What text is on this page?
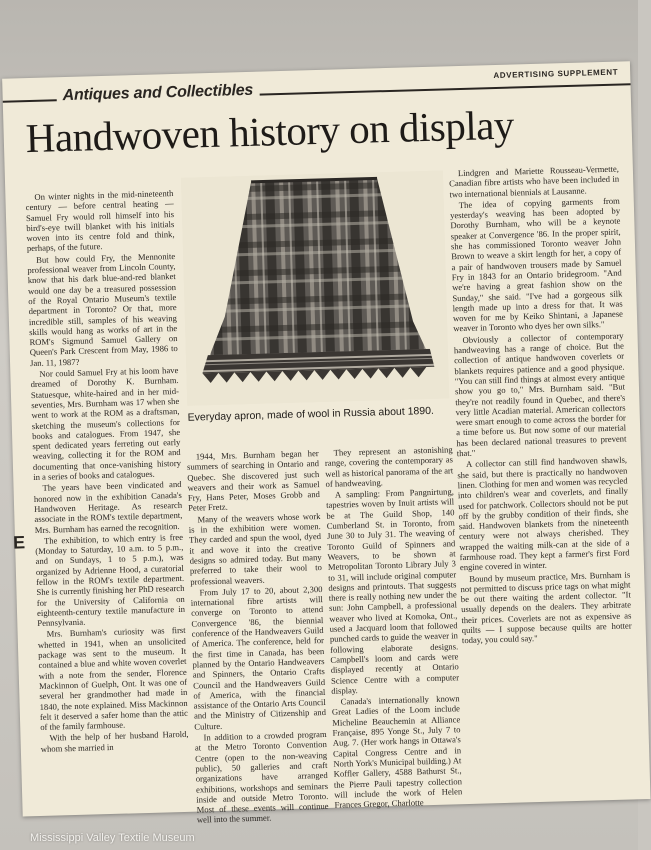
Antiques and Collectibles
ADVERTISING SUPPLEMENT
Handwoven history on display
E

On winter nights in the mid-nineteenth century — before central heating — Samuel Fry would roll himself into his bird's-eye twill blanket with his initials woven into its centre fold and think, perhaps, of the future.

But how could Fry, the Mennonite professional weaver from Lincoln County, know that his dark blue-and-red blanket would one day be a treasured possession of the Royal Ontario Museum's textile department in Toronto? Or that, more incredible still, samples of his weaving skills would hang as works of art in the ROM's Sigmund Samuel Gallery on Queen's Park Crescent from May, 1986 to Jan. 11, 1987?

Nor could Samuel Fry at his loom have dreamed of Dorothy K. Burnham. Statuesque, white-haired and in her mid-seventies, Mrs. Burnham was 17 when she went to work at the ROM as a draftsman, sketching the museum's collections for books and catalogues. From 1947, she spent dedicated years ferreting out early weaving, collecting it for the ROM and documenting that once-vanishing history in a series of books and catalogues.

The years have been vindicated and honored now in the exhibition Canada's Handwoven Heritage. As research associate in the ROM's textile department, Mrs. Burnham has earned the recognition.

The exhibition, to which entry is free (Monday to Saturday, 10 a.m. to 5 p.m., and on Sundays, 1 to 5 p.m.), was organized by Adrienne Hood, a curatorial fellow in the ROM's textile department. She is currently finishing her PhD research for the University of California on eighteenth-century textile manufacture in Pennsylvania.

Mrs. Burnham's curiosity was first whetted in 1941, when an unsolicited package was sent to the museum. It contained a blue and white woven coverlet with a note from the sender, Florence Mackinnon of Guelph, Ont. It was one of several her grandmother had made in 1840, the note explained. Miss Mackinnon felt it deserved a safer home than the attic of the family farmhouse.

With the help of her husband Harold, whom she married in

Everyday apron, made of wool in Russia about 1890.

1944, Mrs. Burnham began her summers of searching in Ontario and Quebec. She discovered just such weavers and their work as Samuel Fry, Hans Peter, Moses Grobb and Peter Fretz.

Many of the weavers whose work is in the exhibition were women. They carded and spun the wool, dyed it and wove it into the creative designs so admired today. But many preferred to take their wool to professional weavers.

From July 17 to 20, about 2,300 international fibre artists will converge on Toronto to attend Convergence '86, the biennial conference of the Handweavers Guild of America. The conference, held for the first time in Canada, has been planned by the Ontario Handweavers and Spinners, the Ontario Crafts Council and the Handweavers Guild of America, with the financial assistance of the Ontario Arts Council and the Ministry of Citizenship and Culture.

In addition to a crowded program at the Metro Toronto Convention Centre (open to the non-weaving public), 50 galleries and craft organizations have arranged exhibitions, workshops and seminars inside and outside Metro Toronto. Most of these events will continue well into the summer.

They represent an astonishing range, covering the contemporary as well as historical panorama of the art of handweaving.

A sampling: From Pangnirtung, tapestries woven by Inuit artists will be at The Guild Shop, 140 Cumberland St. in Toronto, from June 30 to July 31. The weaving of Toronto Guild of Spinners and Weavers, to be shown at Metropolitan Toronto Library July 3 to 31, will include original computer designs and printouts. That suggests there is really nothing new under the sun: John Campbell, a professional weaver who lived at Komoka, Ont., used a Jacquard loom that followed punched cards to guide the weaver in following elaborate designs. Campbell's loom and cards were displayed recently at Ontario Science Centre with a computer display.

Canada's internationally known Great Ladies of the Loom include Micheline Beauchemin at Alliance Française, 895 Yonge St., July 7 to Aug. 7. (Her work hangs in Ottawa's Capital Congress Centre and in North York's Municipal building.) At Koffler Gallery, 4588 Bathurst St., the Pierre Pauli tapestry collection will include the work of Helen Frances Gregor, Charlotte

Lindgren and Mariette Rousseau-Vermette, Canadian fibre artists who have been included in two international biennials at Lausanne.

The idea of copying garments from yesterday's weaving has been adopted by Dorothy Burnham, who will be a keynote speaker at Convergence '86. In the proper spirit, she has commissioned Toronto weaver John Brown to weave a skirt length for her, a copy of a pair of handwoven trousers made by Samuel Fry in 1843 for an Ontario bridegroom. "And we're having a great fashion show on the Sunday," she said. "I've had a gorgeous silk length made up into a dress for that. It was woven for me by Keiko Shintani, a Japanese weaver in Toronto who dyes her own silks."

Obviously a collector of contemporary handweaving has a range of choice. But the collection of antique handwoven coverlets or blankets requires patience and a good physique. "You can still find things at almost every antique show you go to," Mrs. Burnham said. "But they're not readily found in Quebec, and there's very little Acadian material. American collectors were smart enough to come across the border for a time before us. But now some of our material has been declared national treasures to prevent that."

A collector can still find handwoven shawls, she said, but there is practically no handwoven linen. Clothing for men and women was recycled into children's wear and coverlets, and finally used for patchwork. Collectors should not be put off by the grubby condition of their finds, she said. Handwoven blankets from the nineteenth century were not always cherished. They wrapped the waiting milk-can at the side of a farmhouse road. They kept a farmer's first Ford engine covered in winter.

Bound by museum practice, Mrs. Burnham is not permitted to discuss price tags on what might be out there waiting the ardent collector. "It usually depends on the dealers. They arbitrate their prices. Coverlets are not as expensive as quilts — I suppose because quilts are hotter today, you could say."

Mississippi Valley Textile Museum
